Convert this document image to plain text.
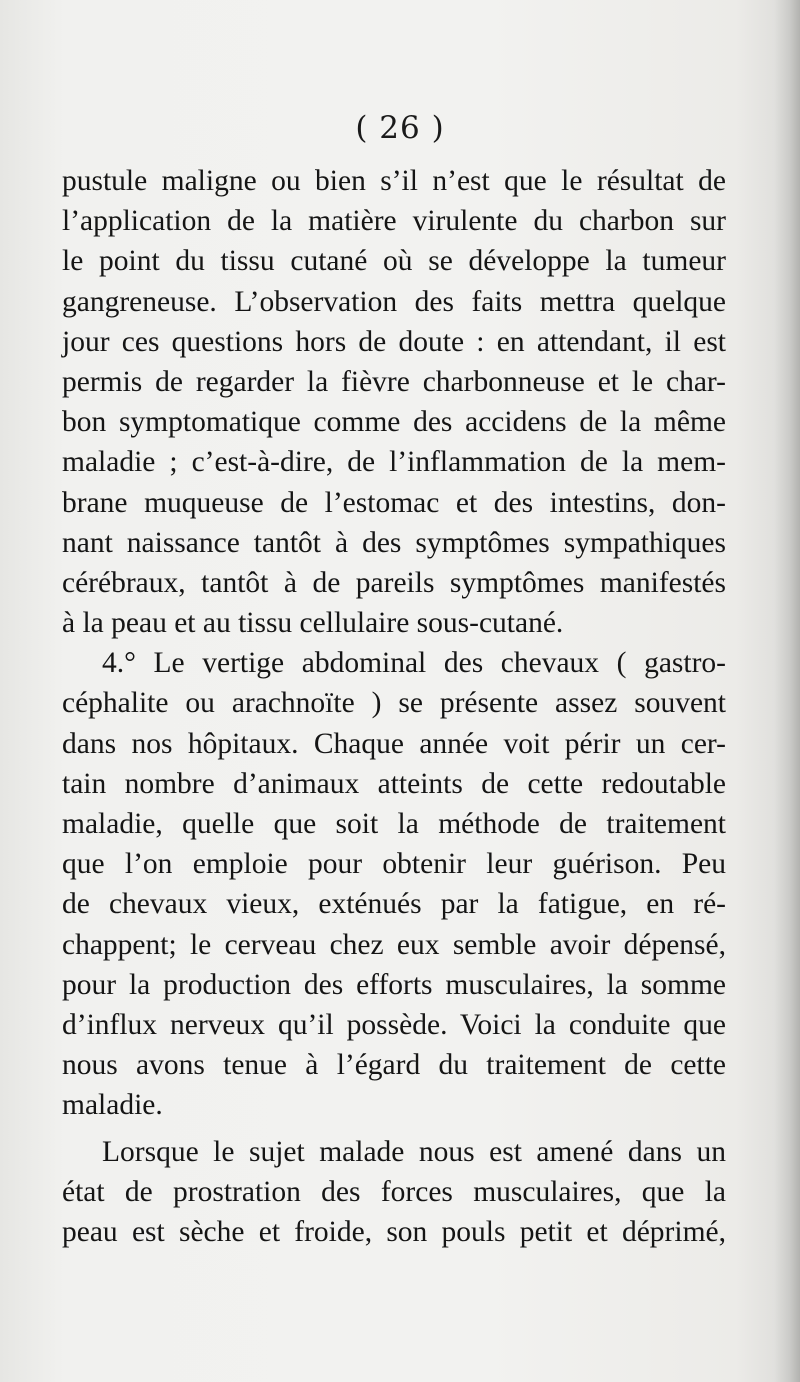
( 26 )
pustule maligne ou bien s’il n’est que le résultat de
l’application de la matière virulente du charbon sur
le point du tissu cutané où se développe la tumeur
gangreneuse. L’observation des faits mettra quelque
jour ces questions hors de doute : en attendant, il est
permis de regarder la fièvre charbonneuse et le char-
bon symptomatique comme des accidens de la même
maladie ; c’est-à-dire, de l’inflammation de la mem-
brane muqueuse de l’estomac et des intestins, don-
nant naissance tantôt à des symptômes sympathiques
cérébraux, tantôt à de pareils symptômes manifestés
à la peau et au tissu cellulaire sous-cutané.
4.° Le vertige abdominal des chevaux ( gastro-
céphalite ou arachnoïte ) se présente assez souvent
dans nos hôpitaux. Chaque année voit périr un cer-
tain nombre d’animaux atteints de cette redoutable
maladie, quelle que soit la méthode de traitement
que l’on emploie pour obtenir leur guérison. Peu
de chevaux vieux, exténués par la fatigue, en ré-
chappent; le cerveau chez eux semble avoir dépensé,
pour la production des efforts musculaires, la somme
d’influx nerveux qu’il possède. Voici la conduite que
nous avons tenue à l’égard du traitement de cette
maladie.
Lorsque le sujet malade nous est amené dans un
état de prostration des forces musculaires, que la
peau est sèche et froide, son pouls petit et déprimé,
